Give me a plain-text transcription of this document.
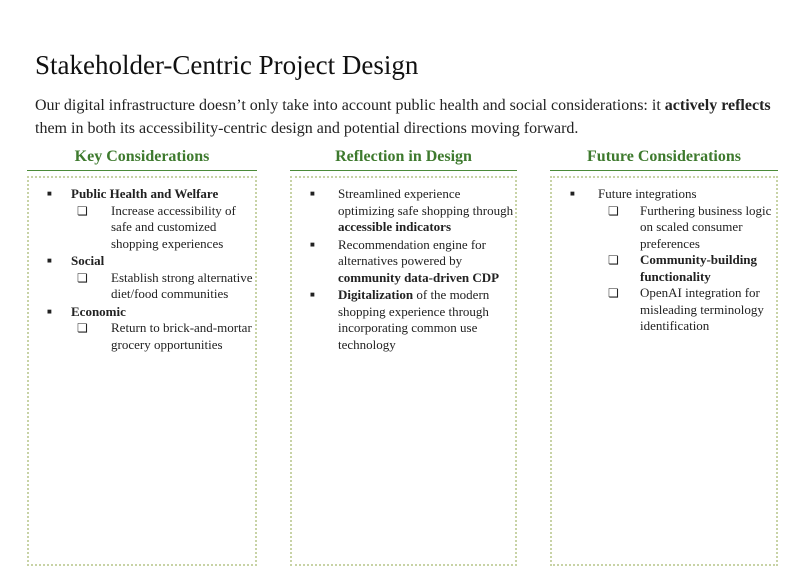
Stakeholder-Centric Project Design

Our digital infrastructure doesn’t only take into account public health and social considerations: it actively reflects them in both its accessibility-centric design and potential directions moving forward.

Key Considerations
■ Public Health and Welfare
❏ Increase accessibility of safe and customized shopping experiences
■ Social
❏ Establish strong alternative diet/food communities
■ Economic
❏ Return to brick-and-mortar grocery opportunities
Reflection in Design
■ Streamlined experience optimizing safe shopping through accessible indicators
■ Recommendation engine for alternatives powered by community data-driven CDP
■ Digitalization of the modern shopping experience through incorporating common use technology
Future Considerations
■ Future integrations
❏ Furthering business logic on scaled consumer preferences
❏ Community-building functionality
❏ OpenAI integration for misleading terminology identification
